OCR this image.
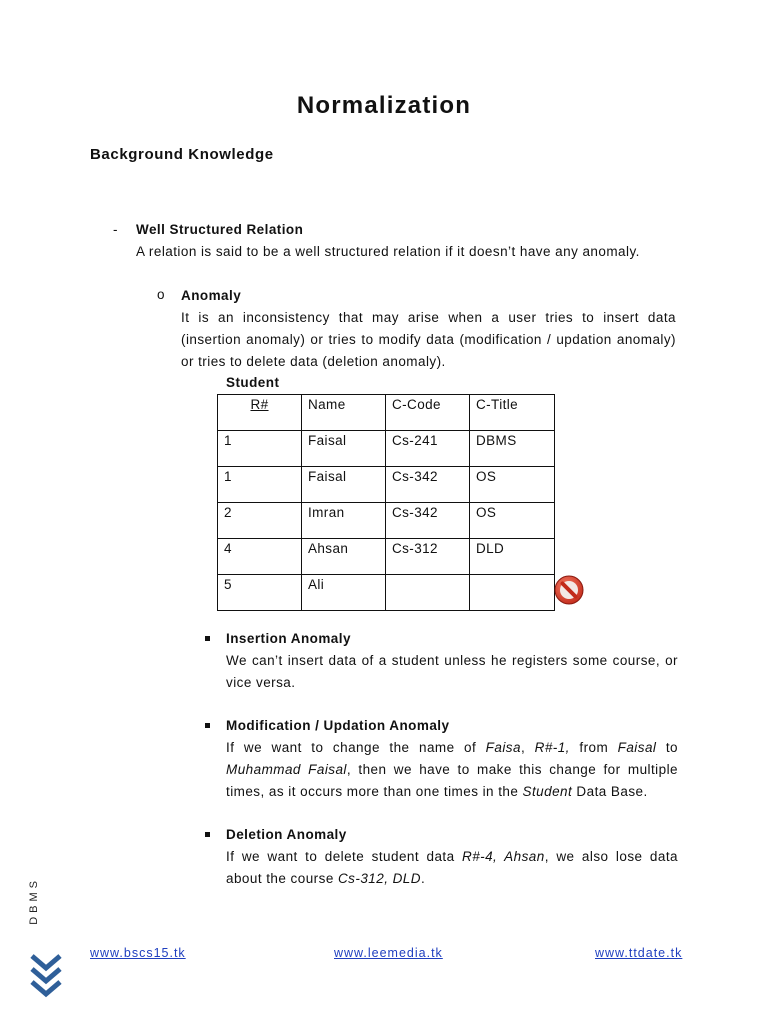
Normalization
Background Knowledge
- Well Structured Relation
A relation is said to be a well structured relation if it doesn’t have any anomaly.
o Anomaly
It is an inconsistency that may arise when a user tries to insert data (insertion anomaly) or tries to modify data (modification / updation anomaly) or tries to delete data (deletion anomaly).
Student
R#	Name	C-Code	C-Title
1	Faisal	Cs-241	DBMS
1	Faisal	Cs-342	OS
2	Imran	Cs-342	OS
4	Ahsan	Cs-312	DLD
5	Ali		
Insertion Anomaly
We can’t insert data of a student unless he registers some course, or vice versa.
Modification / Updation Anomaly
If we want to change the name of Faisa, R#-1, from Faisal to Muhammad Faisal, then we have to make this change for multiple times, as it occurs more than one times in the Student Data Base.
Deletion Anomaly
If we want to delete student data R#-4, Ahsan, we also lose data about the course Cs-312, DLD.
DBMS
www.bscs15.tk	www.leemedia.tk	www.ttdate.tk
